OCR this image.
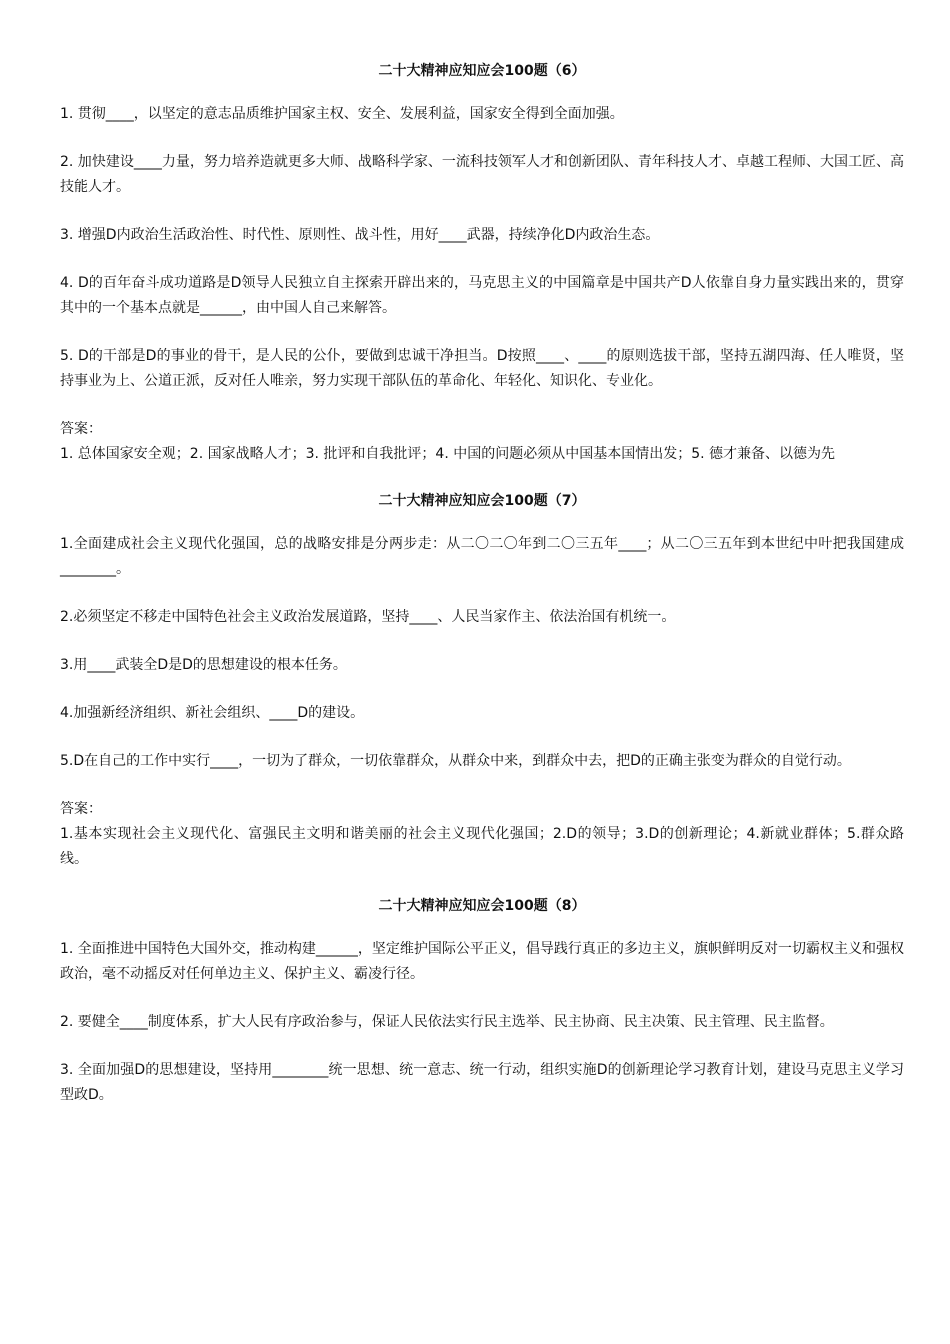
二十大精神应知应会100题（6）

1. 贯彻____，以坚定的意志品质维护国家主权、安全、发展利益，国家安全得到全面加强。

2. 加快建设____力量，努力培养造就更多大师、战略科学家、一流科技领军人才和创新团队、青年科技人才、卓越工程师、大国工匠、高技能人才。

3. 增强D内政治生活政治性、时代性、原则性、战斗性，用好____武器，持续净化D内政治生态。

4. D的百年奋斗成功道路是D领导人民独立自主探索开辟出来的，马克思主义的中国篇章是中国共产D人依靠自身力量实践出来的，贯穿其中的一个基本点就是______，由中国人自己来解答。

5. D的干部是D的事业的骨干，是人民的公仆，要做到忠诚干净担当。D按照____、____的原则选拔干部，坚持五湖四海、任人唯贤，坚持事业为上、公道正派，反对任人唯亲，努力实现干部队伍的革命化、年轻化、知识化、专业化。

答案：

1. 总体国家安全观；2. 国家战略人才；3. 批评和自我批评；4. 中国的问题必须从中国基本国情出发；5. 德才兼备、以德为先

二十大精神应知应会100题（7）

1.全面建成社会主义现代化强国，总的战略安排是分两步走：从二〇二〇年到二〇三五年____；从二〇三五年到本世纪中叶把我国建成________。

2.必须坚定不移走中国特色社会主义政治发展道路，坚持____、人民当家作主、依法治国有机统一。

3.用____武装全D是D的思想建设的根本任务。

4.加强新经济组织、新社会组织、____D的建设。

5.D在自己的工作中实行____，一切为了群众，一切依靠群众，从群众中来，到群众中去，把D的正确主张变为群众的自觉行动。

答案：

1.基本实现社会主义现代化、富强民主文明和谐美丽的社会主义现代化强国；2.D的领导；3.D的创新理论；4.新就业群体；5.群众路线。

二十大精神应知应会100题（8）

1. 全面推进中国特色大国外交，推动构建______，坚定维护国际公平正义，倡导践行真正的多边主义，旗帜鲜明反对一切霸权主义和强权政治，毫不动摇反对任何单边主义、保护主义、霸凌行径。

2. 要健全____制度体系，扩大人民有序政治参与，保证人民依法实行民主选举、民主协商、民主决策、民主管理、民主监督。

3. 全面加强D的思想建设，坚持用________统一思想、统一意志、统一行动，组织实施D的创新理论学习教育计划，建设马克思主义学习型政D。
